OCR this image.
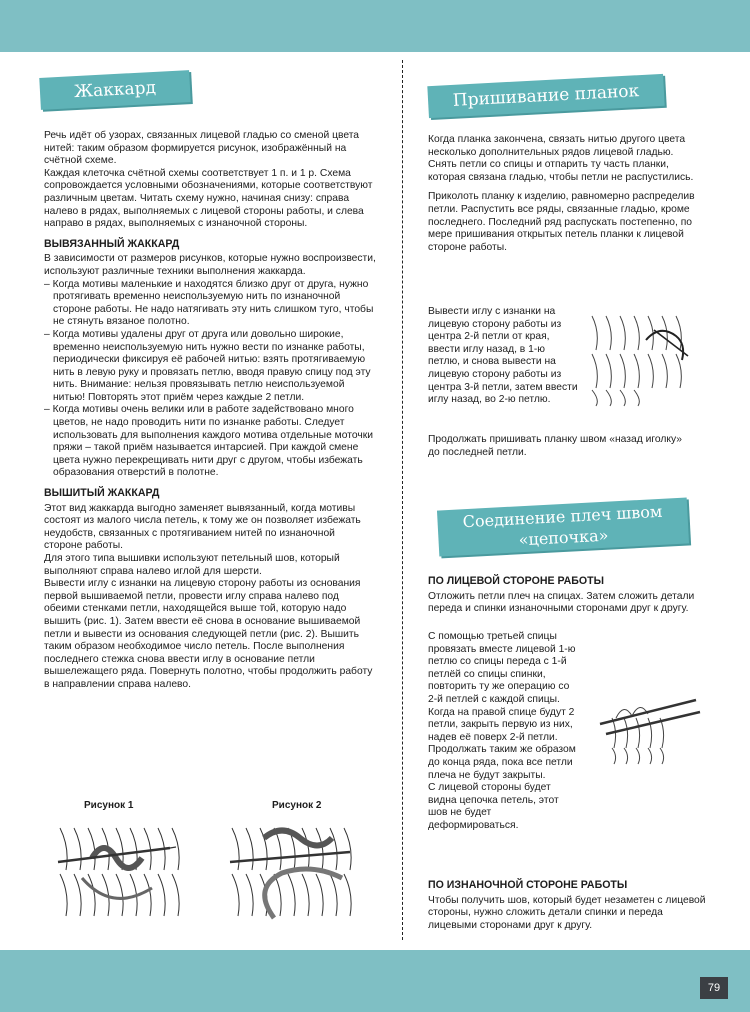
Жаккард

Речь идёт об узорах, связанных лицевой гладью со сменой цвета нитей: таким образом формируется рисунок, изображённый на счётной схеме.

Каждая клеточка счётной схемы соответствует 1 п. и 1 р. Схема сопровождается условными обозначениями, которые соответствуют различным цветам. Читать схему нужно, начиная снизу: справа налево в рядах, выполняемых с лицевой стороны работы, и слева направо в рядах, выполняемых с изнаночной стороны.

ВЫВЯЗАННЫЙ ЖАККАРД

В зависимости от размеров рисунков, которые нужно воспроизвести, используют различные техники выполнения жаккарда.

– Когда мотивы маленькие и находятся близко друг от друга, нужно протягивать временно неиспользуемую нить по изнаночной стороне работы. Не надо натягивать эту нить слишком туго, чтобы не стянуть вязаное полотно.
– Когда мотивы удалены друг от друга или довольно широкие, временно неиспользуемую нить нужно вести по изнанке работы, периодически фиксируя её рабочей нитью: взять протягиваемую нить в левую руку и провязать петлю, вводя правую спицу под эту нить. Внимание: нельзя провязывать петлю неиспользуемой нитью! Повторять этот приём через каждые 2 петли.
– Когда мотивы очень велики или в работе задействовано много цветов, не надо проводить нити по изнанке работы. Следует использовать для выполнения каждого мотива отдельные моточки пряжи – такой приём называется интарсией. При каждой смене цвета нужно перекрещивать нити друг с другом, чтобы избежать образования отверстий в полотне.
ВЫШИТЫЙ ЖАККАРД

Этот вид жаккарда выгодно заменяет вывязанный, когда мотивы состоят из малого числа петель, к тому же он позволяет избежать неудобств, связанных с протягиванием нитей по изнаночной стороне работы.

Для этого типа вышивки используют петельный шов, который выполняют справа налево иглой для шерсти.

Вывести иглу с изнанки на лицевую сторону работы из основания первой вышиваемой петли, провести иглу справа налево под обеими стенками петли, находящейся выше той, которую надо вышить (рис. 1). Затем ввести её снова в основание вышиваемой петли и вывести из основания следующей петли (рис. 2). Вышить таким образом необходимое число петель. После выполнения последнего стежка снова ввести иглу в основание петли вышележащего ряда. Повернуть полотно, чтобы продолжить работу в направлении справа налево.

Рисунок 1	Рисунок 2
Пришивание планок

Когда планка закончена, связать нитью другого цвета несколько дополнительных рядов лицевой гладью.

Снять петли со спицы и отпарить ту часть планки, которая связана гладью, чтобы петли не распустились.

Приколоть планку к изделию, равномерно распределив петли. Распустить все ряды, связанные гладью, кроме последнего. Последний ряд распускать постепенно, по мере пришивания открытых петель планки к лицевой стороне работы.

Вывести иглу с изнанки на лицевую сторону работы из центра 2-й петли от края, ввести иглу назад, в 1-ю петлю, и снова вывести на лицевую сторону работы из центра 3-й петли, затем ввести иглу назад, во 2-ю петлю.

Продолжать пришивать планку швом «назад иголку» до последней петли.

Соединение плеч швом
«цепочка»
ПО ЛИЦЕВОЙ СТОРОНЕ РАБОТЫ

Отложить петли плеч на спицах. Затем сложить детали переда и спинки изнаночными сторонами друг к другу.

С помощью третьей спицы провязать вместе лицевой 1-ю петлю со спицы переда с 1-й петлёй со спицы спинки, повторить ту же операцию со 2-й петлей с каждой спицы.

Когда на правой спице будут 2 петли, закрыть первую из них, надев её поверх 2-й петли. Продолжать таким же образом до конца ряда, пока все петли плеча не будут закрыты.

С лицевой стороны будет видна цепочка петель, этот шов не будет деформироваться.

ПО ИЗНАНОЧНОЙ СТОРОНЕ РАБОТЫ

Чтобы получить шов, который будет незаметен с лицевой стороны, нужно сложить детали спинки и переда лицевыми сторонами друг к другу.

79
